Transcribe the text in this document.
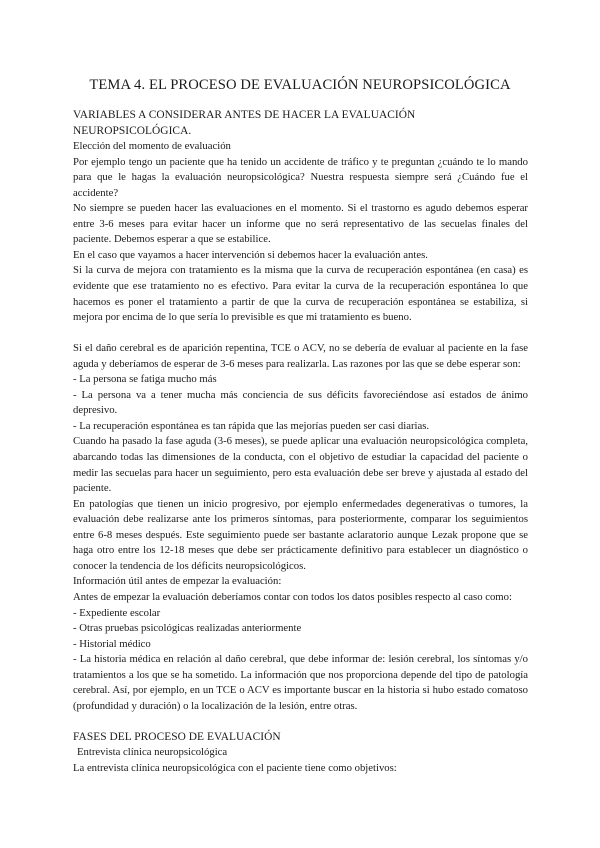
TEMA 4. EL PROCESO DE EVALUACIÓN NEUROPSICOLÓGICA

VARIABLES A CONSIDERAR ANTES DE HACER LA EVALUACIÓN NEUROPSICOLÓGICA.

Elección del momento de evaluación

Por ejemplo tengo un paciente que ha tenido un accidente de tráfico y te preguntan ¿cuándo te lo mando para que le hagas la evaluación neuropsicológica? Nuestra respuesta siempre será ¿Cuándo fue el accidente?

No siempre se pueden hacer las evaluaciones en el momento. Si el trastorno es agudo debemos esperar entre 3-6 meses para evitar hacer un informe que no será representativo de las secuelas finales del paciente. Debemos esperar a que se estabilice.

En el caso que vayamos a hacer intervención si debemos hacer la evaluación antes.

Si la curva de mejora con tratamiento es la misma que la curva de recuperación espontánea (en casa) es evidente que ese tratamiento no es efectivo. Para evitar la curva de la recuperación espontánea lo que hacemos es poner el tratamiento a partir de que la curva de recuperación espontánea se estabiliza, si mejora por encima de lo que sería lo previsible es que mi tratamiento es bueno.

Si el daño cerebral es de aparición repentina, TCE o ACV, no se debería de evaluar al paciente en la fase aguda y deberíamos de esperar de 3-6 meses para realizarla. Las razones por las que se debe esperar son:

- La persona se fatiga mucho más

- La persona va a tener mucha más conciencia de sus déficits favoreciéndose así estados de ánimo depresivo.

- La recuperación espontánea es tan rápida que las mejorías pueden ser casi diarias.

Cuando ha pasado la fase aguda (3-6 meses), se puede aplicar una evaluación neuropsicológica completa, abarcando todas las dimensiones de la conducta, con el objetivo de estudiar la capacidad del paciente o medir las secuelas para hacer un seguimiento, pero esta evaluación debe ser breve y ajustada al estado del paciente.

En patologías que tienen un inicio progresivo, por ejemplo enfermedades degenerativas o tumores, la evaluación debe realizarse ante los primeros síntomas, para posteriormente, comparar los seguimientos entre 6-8 meses después. Este seguimiento puede ser bastante aclaratorio aunque Lezak propone que se haga otro entre los 12-18 meses que debe ser prácticamente definitivo para establecer un diagnóstico o conocer la tendencia de los déficits neuropsicológicos.

Información útil antes de empezar la evaluación:

Antes de empezar la evaluación deberíamos contar con todos los datos posibles respecto al caso como:

- Expediente escolar

- Otras pruebas psicológicas realizadas anteriormente

- Historial médico

- La historia médica en relación al daño cerebral, que debe informar de: lesión cerebral, los síntomas y/o tratamientos a los que se ha sometido. La información que nos proporciona depende del tipo de patología cerebral. Así, por ejemplo, en un TCE o ACV es importante buscar en la historia si hubo estado comatoso (profundidad y duración) o la localización de la lesión, entre otras.

FASES DEL PROCESO DE EVALUACIÓN

Entrevista clínica neuropsicológica

La entrevista clínica neuropsicológica con el paciente tiene como objetivos:
